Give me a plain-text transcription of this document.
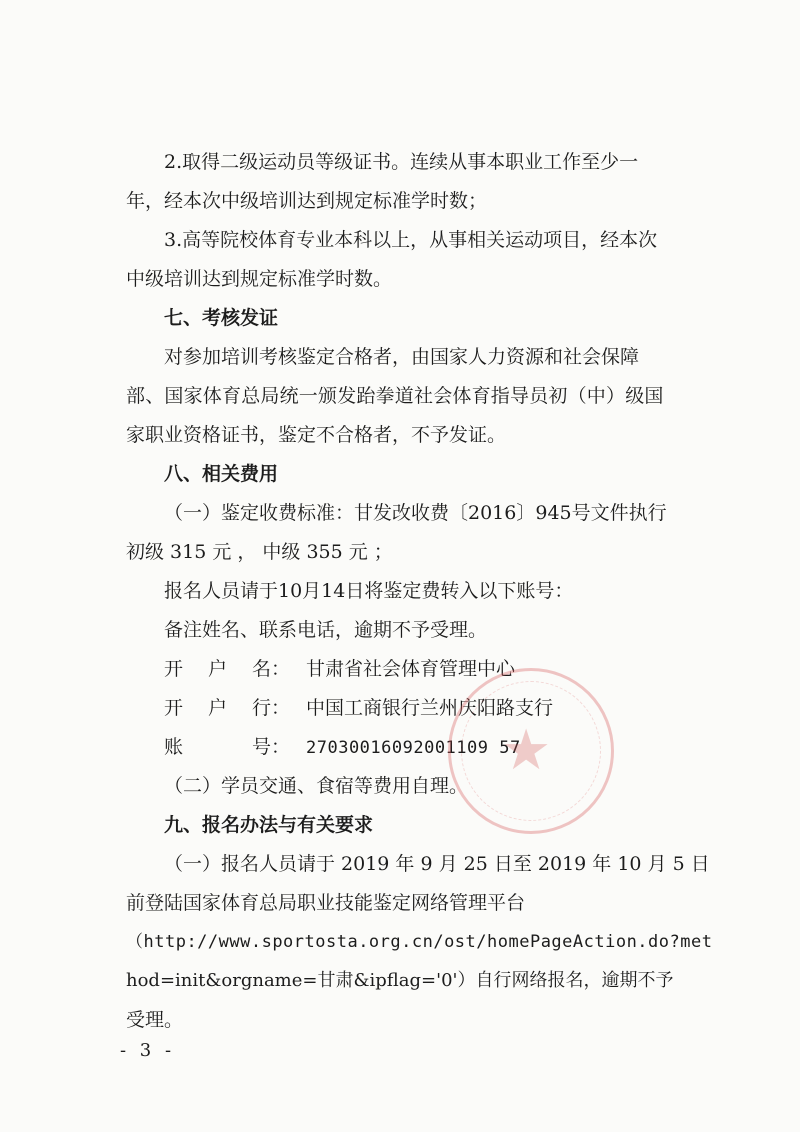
2.取得二级运动员等级证书。连续从事本职业工作至少一
年，经本次中级培训达到规定标准学时数；
3.高等院校体育专业本科以上，从事相关运动项目，经本次
中级培训达到规定标准学时数。
七、考核发证
对参加培训考核鉴定合格者，由国家人力资源和社会保障
部、国家体育总局统一颁发跆拳道社会体育指导员初（中）级国
家职业资格证书，鉴定不合格者，不予发证。
八、相关费用
（一）鉴定收费标准：甘发改收费〔2016〕945号文件执行
初级 315 元 ， 中级 355 元 ；
报名人员请于10月14日将鉴定费转入以下账号：
备注姓名、联系电话，逾期不予受理。
开 户 名： 甘肃省社会体育管理中心
开 户 行： 中国工商银行兰州庆阳路支行
账	号： 27030016092001109 57
（二）学员交通、食宿等费用自理。
九、报名办法与有关要求
（一）报名人员请于 2019 年 9 月 25 日至 2019 年 10 月 5 日
前登陆国家体育总局职业技能鉴定网络管理平台
（http://www.sportosta.org.cn/ost/homePageAction.do?met
hod=init&orgname=甘肃&ipflag='0'）自行网络报名，逾期不予
受理。
- 3 -
★
